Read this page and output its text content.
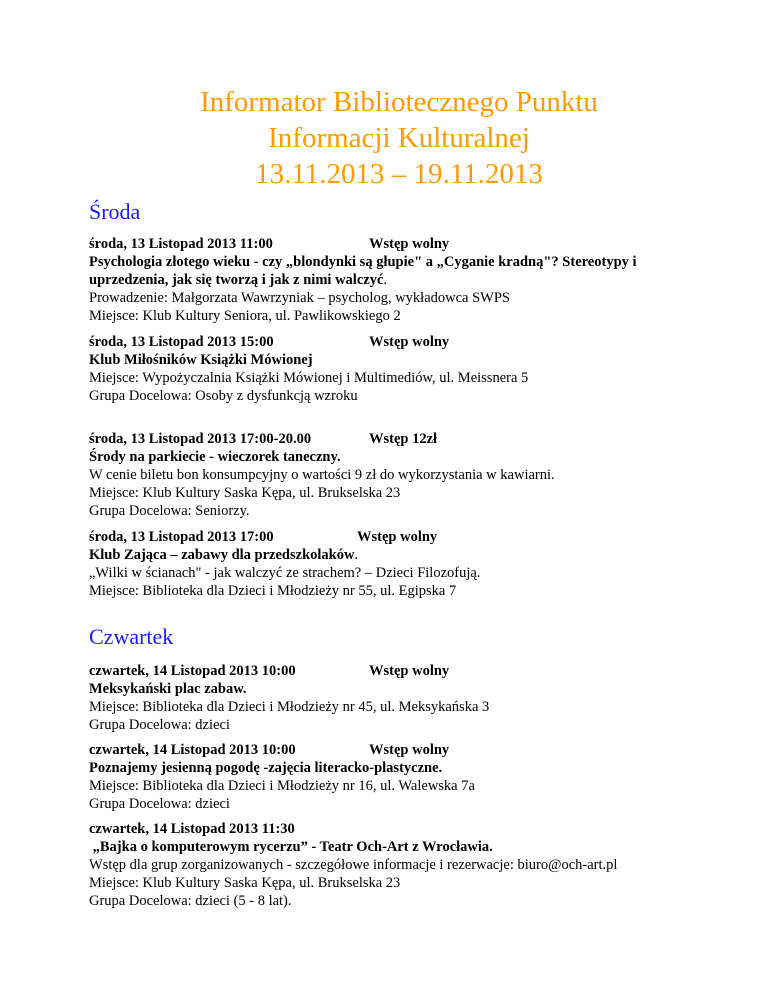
Informator Bibliotecznego Punktu
Informacji Kulturalnej
13.11.2013 – 19.11.2013
Środa
środa, 13 Listopad 2013 11:00	Wstęp wolny
Psychologia złotego wieku - czy „blondynki są głupie" a „Cyganie kradną"? Stereotypy i uprzedzenia, jak się tworzą i jak z nimi walczyć.
Prowadzenie: Małgorzata Wawrzyniak – psycholog, wykładowca SWPS
Miejsce: Klub Kultury Seniora, ul. Pawlikowskiego 2
środa, 13 Listopad 2013 15:00	Wstęp wolny
Klub Miłośników Książki Mówionej
Miejsce: Wypożyczalnia Książki Mówionej i Multimediów, ul. Meissnera 5
Grupa Docelowa: Osoby z dysfunkcją wzroku
środa, 13 Listopad 2013 17:00-20.00	Wstęp 12zł
Środy na parkiecie - wieczorek taneczny.
W cenie biletu bon konsumpcyjny o wartości 9 zł do wykorzystania w kawiarni.
Miejsce: Klub Kultury Saska Kępa, ul. Brukselska 23
Grupa Docelowa: Seniorzy.
środa, 13 Listopad 2013 17:00	Wstęp wolny
Klub Zająca – zabawy dla przedszkolaków.
„Wilki w ścianach" - jak walczyć ze strachem? – Dzieci Filozofują.
Miejsce: Biblioteka dla Dzieci i Młodzieży nr 55, ul. Egipska 7
Czwartek
czwartek, 14 Listopad 2013 10:00	Wstęp wolny
Meksykański plac zabaw.
Miejsce: Biblioteka dla Dzieci i Młodzieży nr 45, ul. Meksykańska 3
Grupa Docelowa: dzieci
czwartek, 14 Listopad 2013 10:00	Wstęp wolny
Poznajemy jesienną pogodę -zajęcia literacko-plastyczne.
Miejsce: Biblioteka dla Dzieci i Młodzieży nr 16, ul. Walewska 7a
Grupa Docelowa: dzieci
czwartek, 14 Listopad 2013 11:30
„Bajka o komputerowym rycerzu” - Teatr Och-Art z Wrocławia.
Wstęp dla grup zorganizowanych - szczegółowe informacje i rezerwacje: biuro@och-art.pl
Miejsce: Klub Kultury Saska Kępa, ul. Brukselska 23
Grupa Docelowa: dzieci (5 - 8 lat).
